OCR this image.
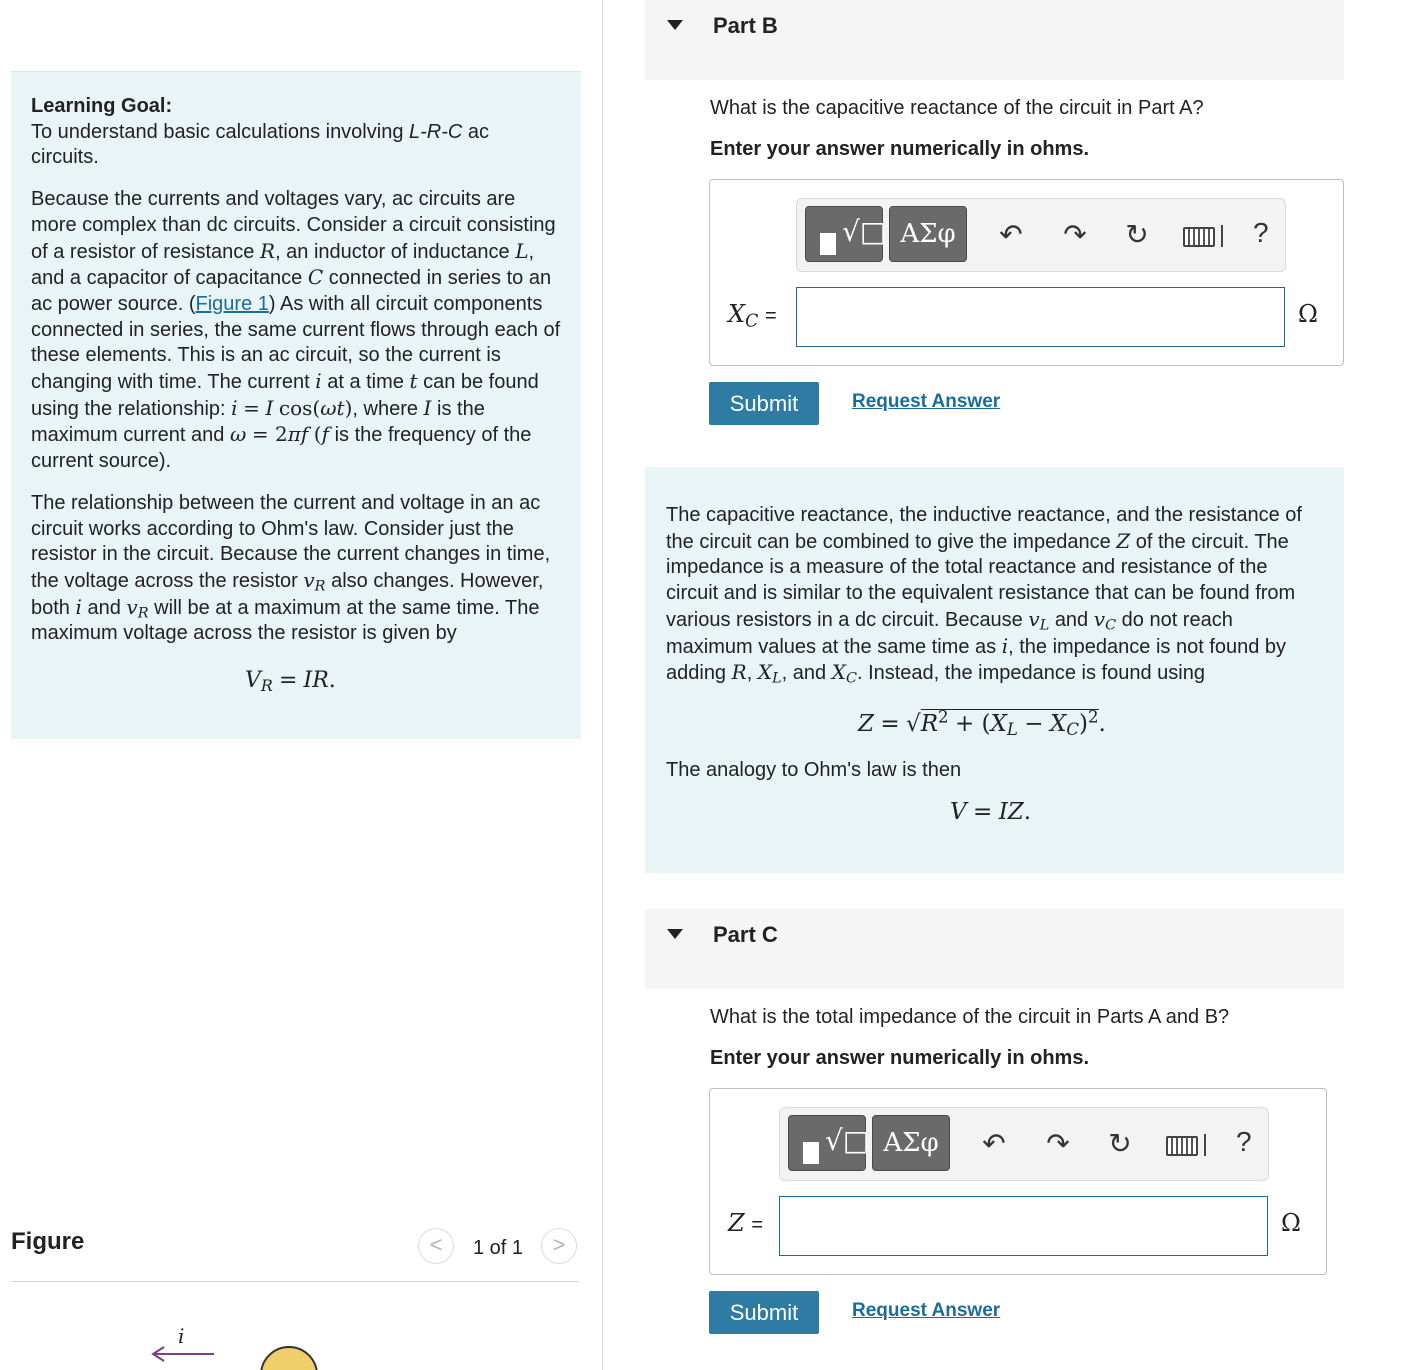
Learning Goal:

To understand basic calculations involving L-R-C ac circuits.

Because the currents and voltages vary, ac circuits are more complex than dc circuits. Consider a circuit consisting of a resistor of resistance R, an inductor of inductance L, and a capacitor of capacitance C connected in series to an ac power source. (Figure 1) As with all circuit components connected in series, the same current flows through each of these elements. This is an ac circuit, so the current is changing with time. The current i at a time t can be found using the relationship: i = I cos(ωt), where I is the maximum current and ω = 2πf (f is the frequency of the current source).

The relationship between the current and voltage in an ac circuit works according to Ohm's law. Consider just the resistor in the circuit. Because the current changes in time, the voltage across the resistor $v_R$ also changes. However, both i and $v_R$ will be at a maximum at the same time. The maximum voltage across the resistor is given by

$V_R$ = IR.
Figure	<	1 of 1	>
i
Part B
What is the capacitive reactance of the circuit in Part A?
Enter your answer numerically in ohms.
√□ ΑΣφ	↶ ↷ ↻	?
$X_C$ =	Ω
Submit	Request Answer

The capacitive reactance, the inductive reactance, and the resistance of the circuit can be combined to give the impedance Z of the circuit. The impedance is a measure of the total reactance and resistance of the circuit and is similar to the equivalent resistance that can be found from various resistors in a dc circuit. Because $v_L$ and $v_C$ do not reach maximum values at the same time as i, the impedance is not found by adding R, $X_L$, and $X_C$. Instead, the impedance is found using

$Z = √R^2 + (X_L - X_C)^2$.

The analogy to Ohm's law is then

V = IZ.
Part C
What is the total impedance of the circuit in Parts A and B?
Enter your answer numerically in ohms.
√□ ΑΣφ	↶ ↷ ↻	?
Z =	Ω
Submit	Request Answer
